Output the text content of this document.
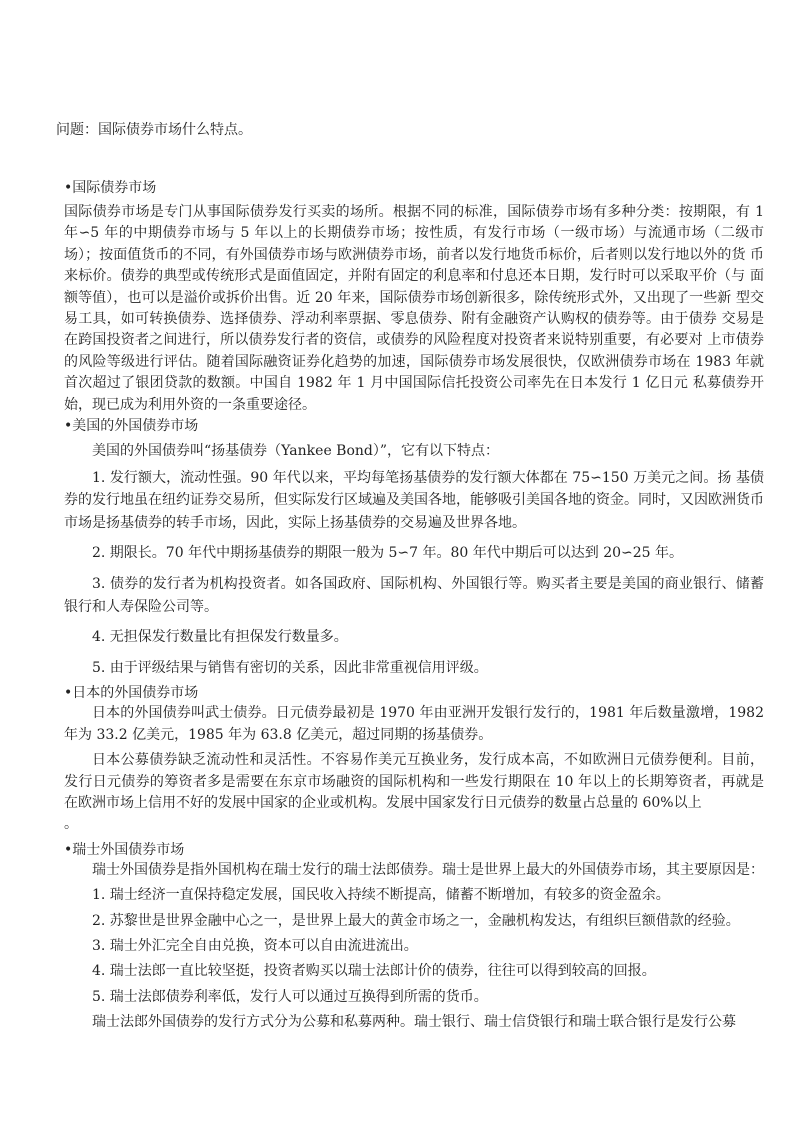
问题：国际债券市场什么特点。

•国际债券市场

国际债券市场是专门从事国际债券发行买卖的场所。根据不同的标准，国际债券市场有多种分类：按期限，有 1 年∽5 年的中期债券市场与 5 年以上的长期债券市场；按性质，有发行市场（一级市场）与流通市场（二级市场）；按面值货币的不同，有外国债券市场与欧洲债券市场，前者以发行地货币标价，后者则以发行地以外的货 币来标价。债券的典型或传统形式是面值固定，并附有固定的利息率和付息还本日期，发行时可以采取平价（与 面额等值），也可以是溢价或拆价出售。近 20 年来，国际债券市场创新很多，除传统形式外，又出现了一些新 型交易工具，如可转换债券、选择债券、浮动利率票据、零息债券、附有金融资产认购权的债券等。由于债券 交易是在跨国投资者之间进行，所以债券发行者的资信，或债券的风险程度对投资者来说特别重要，有必要对 上市债券的风险等级进行评估。随着国际融资证券化趋势的加速，国际债券市场发展很快，仅欧洲债券市场在 1983 年就首次超过了银团贷款的数额。中国自 1982 年 1 月中国国际信托投资公司率先在日本发行 1 亿日元 私募债券开始，现已成为利用外资的一条重要途径。

•美国的外国债券市场

美国的外国债券叫“扬基债券（Yankee Bond）”，它有以下特点：

1. 发行额大，流动性强。90 年代以来，平均每笔扬基债券的发行额大体都在 75∽150 万美元之间。扬 基债券的发行地虽在纽约证券交易所，但实际发行区域遍及美国各地，能够吸引美国各地的资金。同时，又因欧洲货币市场是扬基债券的转手市场，因此，实际上扬基债券的交易遍及世界各地。

2. 期限长。70 年代中期扬基债券的期限一般为 5∽7 年。80 年代中期后可以达到 20∽25 年。

3. 债券的发行者为机构投资者。如各国政府、国际机构、外国银行等。购买者主要是美国的商业银行、储蓄银行和人寿保险公司等。

4. 无担保发行数量比有担保发行数量多。

5. 由于评级结果与销售有密切的关系，因此非常重视信用评级。

•日本的外国债券市场

日本的外国债券叫武士债券。日元债券最初是 1970 年由亚洲开发银行发行的，1981 年后数量激增，1982 年为 33.2 亿美元，1985 年为 63.8 亿美元，超过同期的扬基债券。

日本公募债券缺乏流动性和灵活性。不容易作美元互换业务，发行成本高，不如欧洲日元债券便利。目前， 发行日元债券的筹资者多是需要在东京市场融资的国际机构和一些发行期限在 10 年以上的长期筹资者，再就是 在欧洲市场上信用不好的发展中国家的企业或机构。发展中国家发行日元债券的数量占总量的 60%以上

。

•瑞士外国债券市场

瑞士外国债券是指外国机构在瑞士发行的瑞士法郎债券。瑞士是世界上最大的外国债券市场，其主要原因是：

1. 瑞士经济一直保持稳定发展，国民收入持续不断提高，储蓄不断增加，有较多的资金盈余。

2. 苏黎世是世界金融中心之一，是世界上最大的黄金市场之一，金融机构发达，有组织巨额借款的经验。

3. 瑞士外汇完全自由兑换，资本可以自由流进流出。

4. 瑞士法郎一直比较坚挺，投资者购买以瑞士法郎计价的债券，往往可以得到较高的回报。

5. 瑞士法郎债券利率低，发行人可以通过互换得到所需的货币。

瑞士法郎外国债券的发行方式分为公募和私募两种。瑞士银行、瑞士信贷银行和瑞士联合银行是发行公募
